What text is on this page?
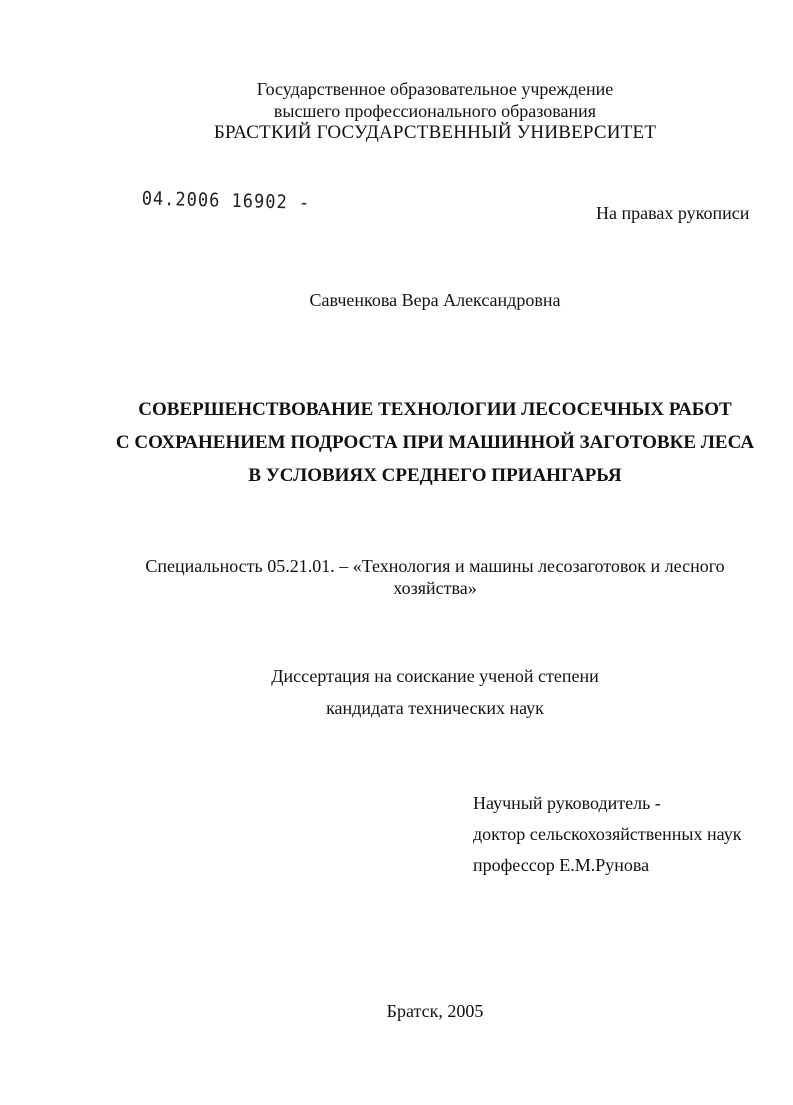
Государственное образовательное учреждение
высшего профессионального образования
БРАСТКИЙ ГОСУДАРСТВЕННЫЙ УНИВЕРСИТЕТ
04.2006 16902 -	На правах рукописи
Савченкова Вера Александровна
СОВЕРШЕНСТВОВАНИЕ ТЕХНОЛОГИИ ЛЕСОСЕЧНЫХ РАБОТ
С СОХРАНЕНИЕМ ПОДРОСТА ПРИ МАШИННОЙ ЗАГОТОВКЕ ЛЕСА
В УСЛОВИЯХ СРЕДНЕГО ПРИАНГАРЬЯ
Специальность 05.21.01. – «Технология и машины лесозаготовок и лесного
хозяйства»
Диссертация на соискание ученой степени
кандидата технических наук
Научный руководитель -
доктор сельскохозяйственных наук
профессор Е.М.Рунова
Братск, 2005
